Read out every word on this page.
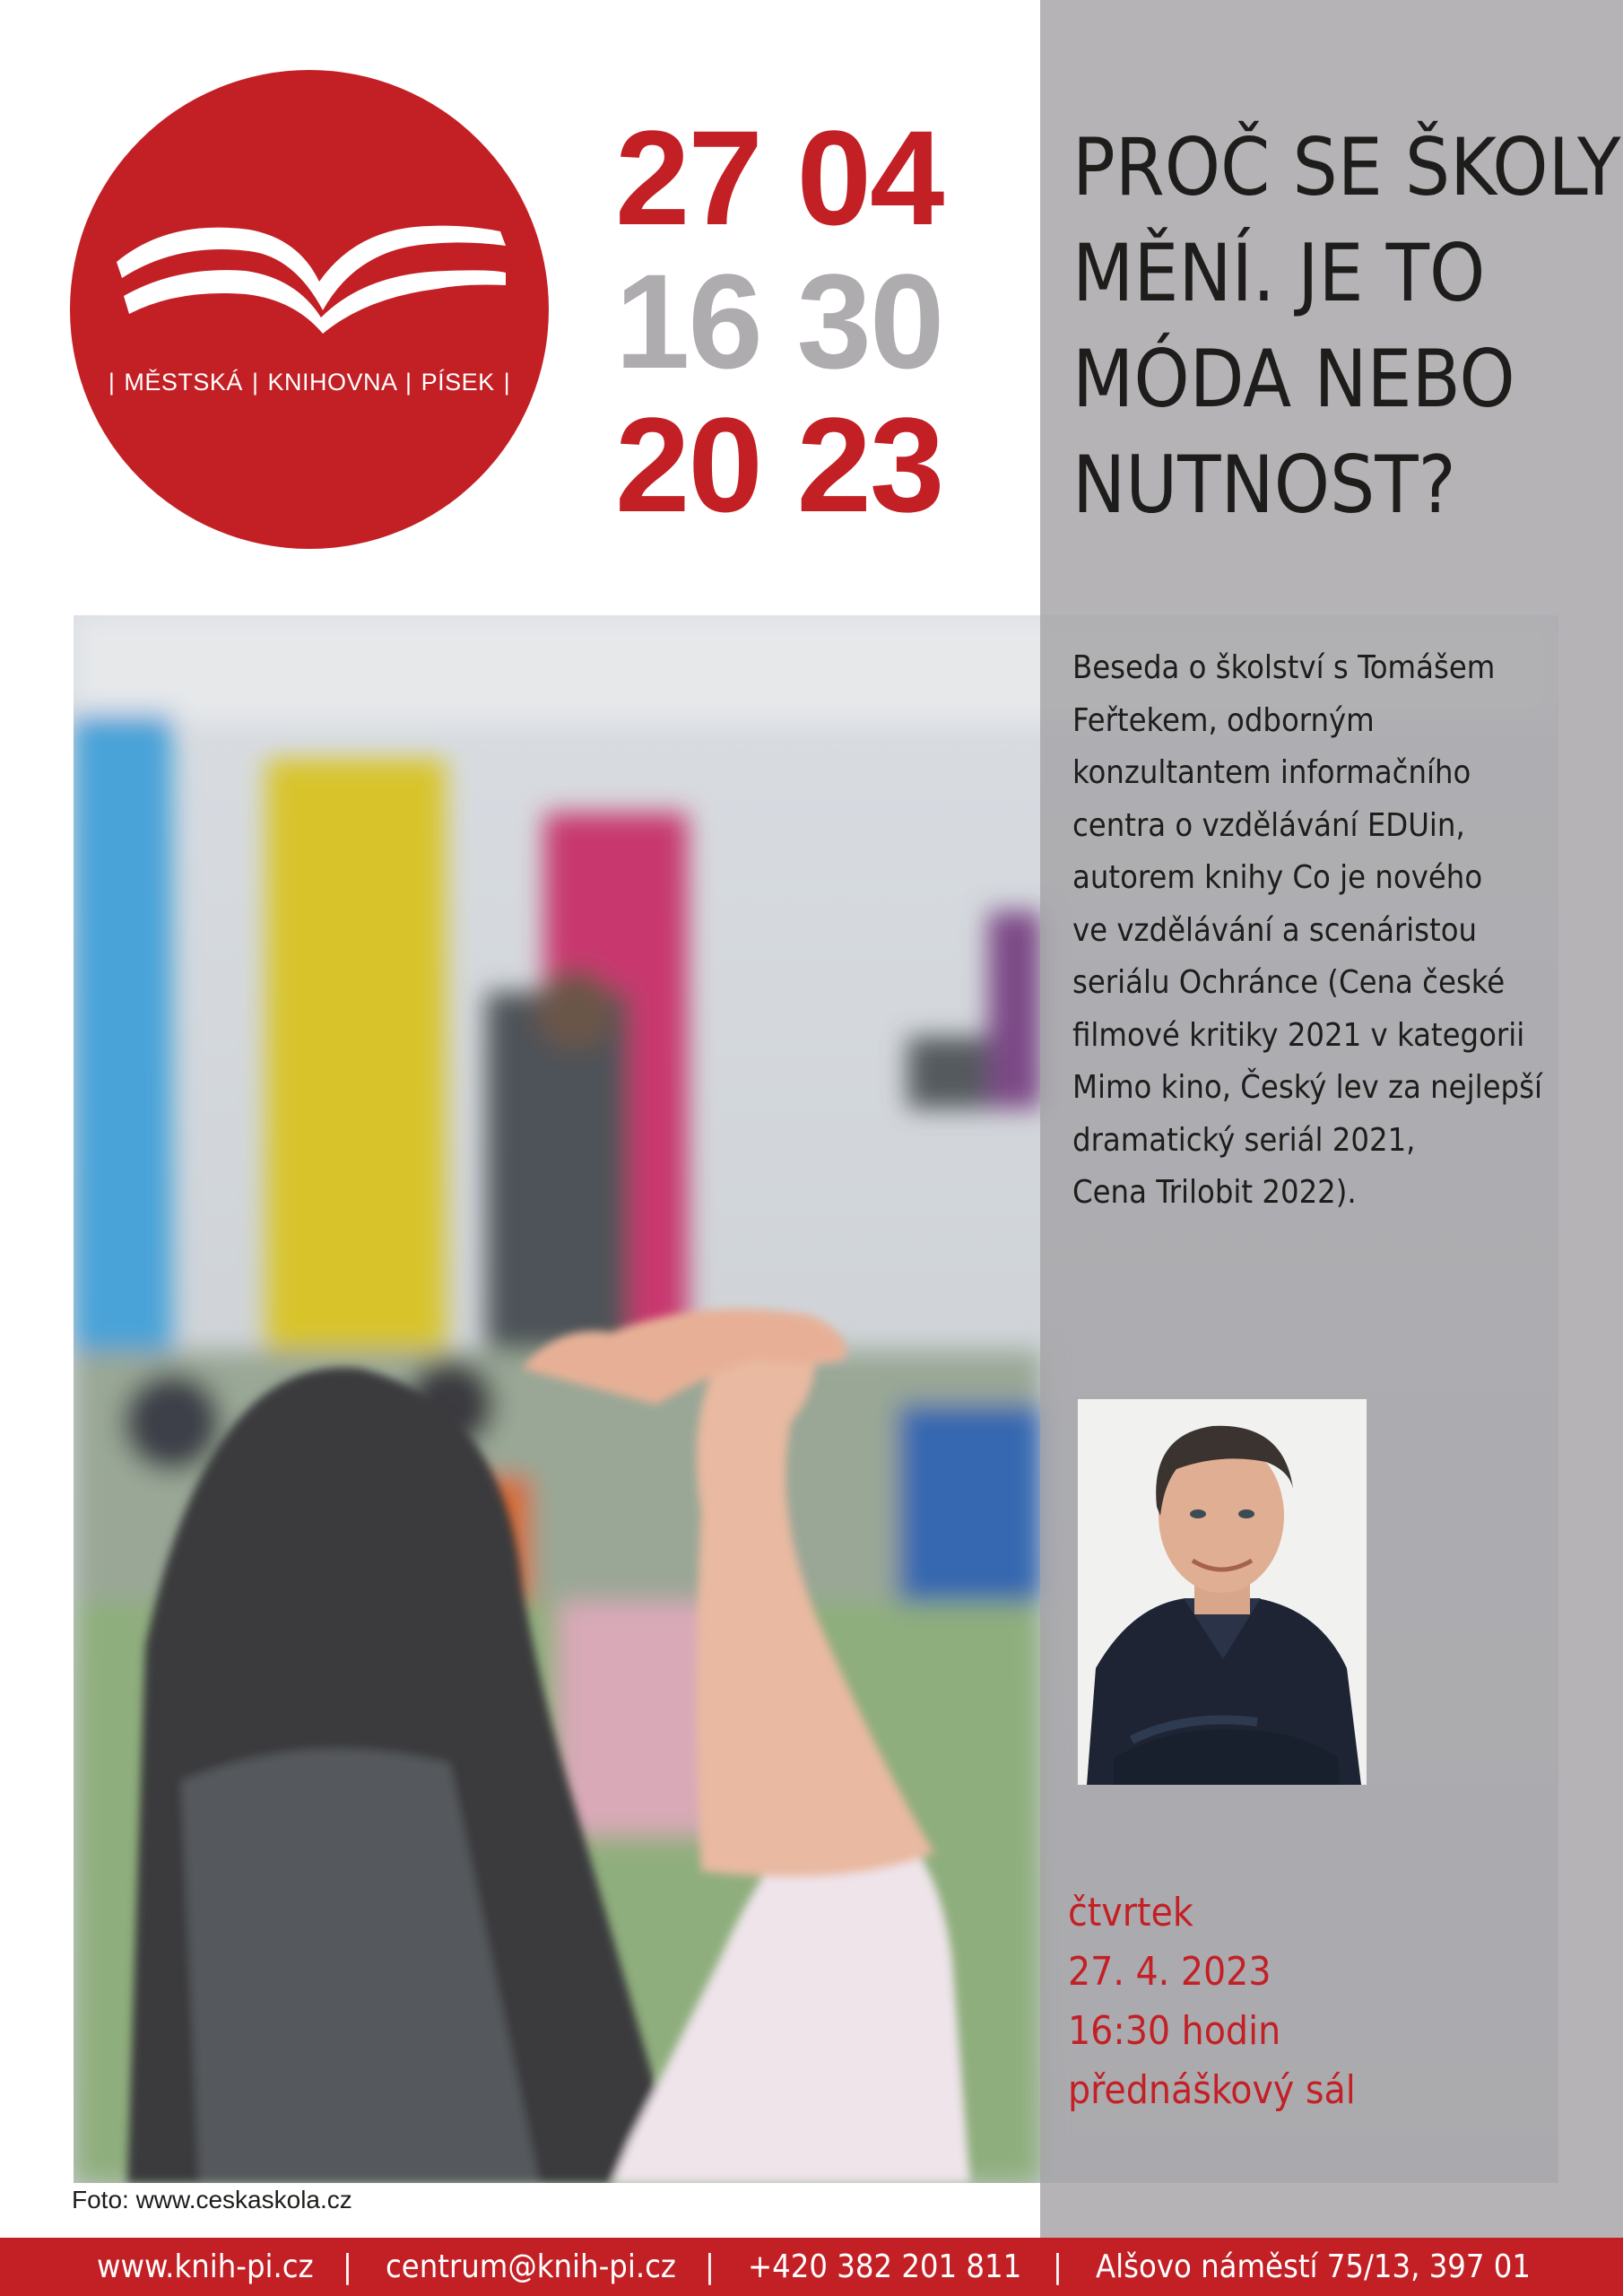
| MĚSTSKÁ | KNIHOVNA | PÍSEK |
27 04
16 30
20 23
PROČ SE ŠKOLY
MĚNÍ. JE TO
MÓDA NEBO
NUTNOST?
Beseda o školství s Tomášem
Feřtekem, odborným
konzultantem informačního
centra o vzdělávání EDUin,
autorem knihy Co je nového
ve vzdělávání a scenáristou
seriálu Ochránce (Cena české
filmové kritiky 2021 v kategorii
Mimo kino, Český lev za nejlepší
dramatický seriál 2021,
Cena Trilobit 2022).
čtvrtek
27. 4. 2023
16:30 hodin
přednáškový sál
Foto: www.ceskaskola.cz
www.knih-pi.cz | centrum@knih-pi.cz | +420 382 201 811 | Alšovo náměstí 75/13, 397 01
